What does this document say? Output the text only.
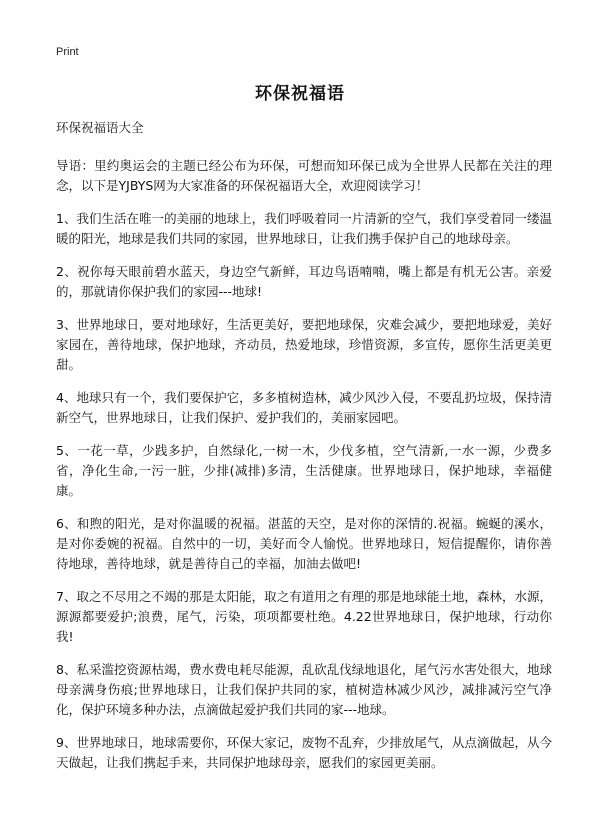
Print
环保祝福语

环保祝福语大全

导语：里约奥运会的主题已经公布为环保，可想而知环保已成为全世界人民都在关注的理念，以下是YJBYS网为大家准备的环保祝福语大全，欢迎阅读学习！

1、我们生活在唯一的美丽的地球上，我们呼吸着同一片清新的空气，我们享受着同一缕温暖的阳光，地球是我们共同的家园，世界地球日，让我们携手保护自己的地球母亲。

2、祝你每天眼前碧水蓝天，身边空气新鲜，耳边鸟语喃喃，嘴上都是有机无公害。亲爱的，那就请你保护我们的家园---地球!

3、世界地球日，要对地球好，生活更美好，要把地球保，灾难会减少，要把地球爱，美好家园在，善待地球，保护地球，齐动员，热爱地球，珍惜资源，多宣传，愿你生活更美更甜。

4、地球只有一个，我们要保护它，多多植树造林，减少风沙入侵，不要乱扔垃圾，保持清新空气，世界地球日，让我们保护、爱护我们的，美丽家园吧。

5、一花一草，少践多护，自然绿化,一树一木，少伐多植，空气清新,一水一源，少费多省，净化生命,一污一脏，少排(减排)多清，生活健康。世界地球日，保护地球，幸福健康。

6、和煦的阳光，是对你温暖的祝福。湛蓝的天空，是对你的深情的.祝福。蜿蜒的溪水，是对你委婉的祝福。自然中的一切，美好而令人愉悦。世界地球日，短信提醒你，请你善待地球，善待地球，就是善待自己的幸福，加油去做吧!

7、取之不尽用之不竭的那是太阳能，取之有道用之有理的那是地球能土地，森林，水源，源源都要爱护;浪费，尾气，污染，项项都要杜绝。4.22世界地球日，保护地球，行动你我!

8、私采滥挖资源枯竭，费水费电耗尽能源，乱砍乱伐绿地退化，尾气污水害处很大，地球母亲满身伤痕;世界地球日，让我们保护共同的家，植树造林减少风沙，减排减污空气净化，保护环境多种办法，点滴做起爱护我们共同的家---地球。

9、世界地球日，地球需要你，环保大家记，废物不乱弃，少排放尾气，从点滴做起，从今天做起，让我们携起手来，共同保护地球母亲，愿我们的家园更美丽。
